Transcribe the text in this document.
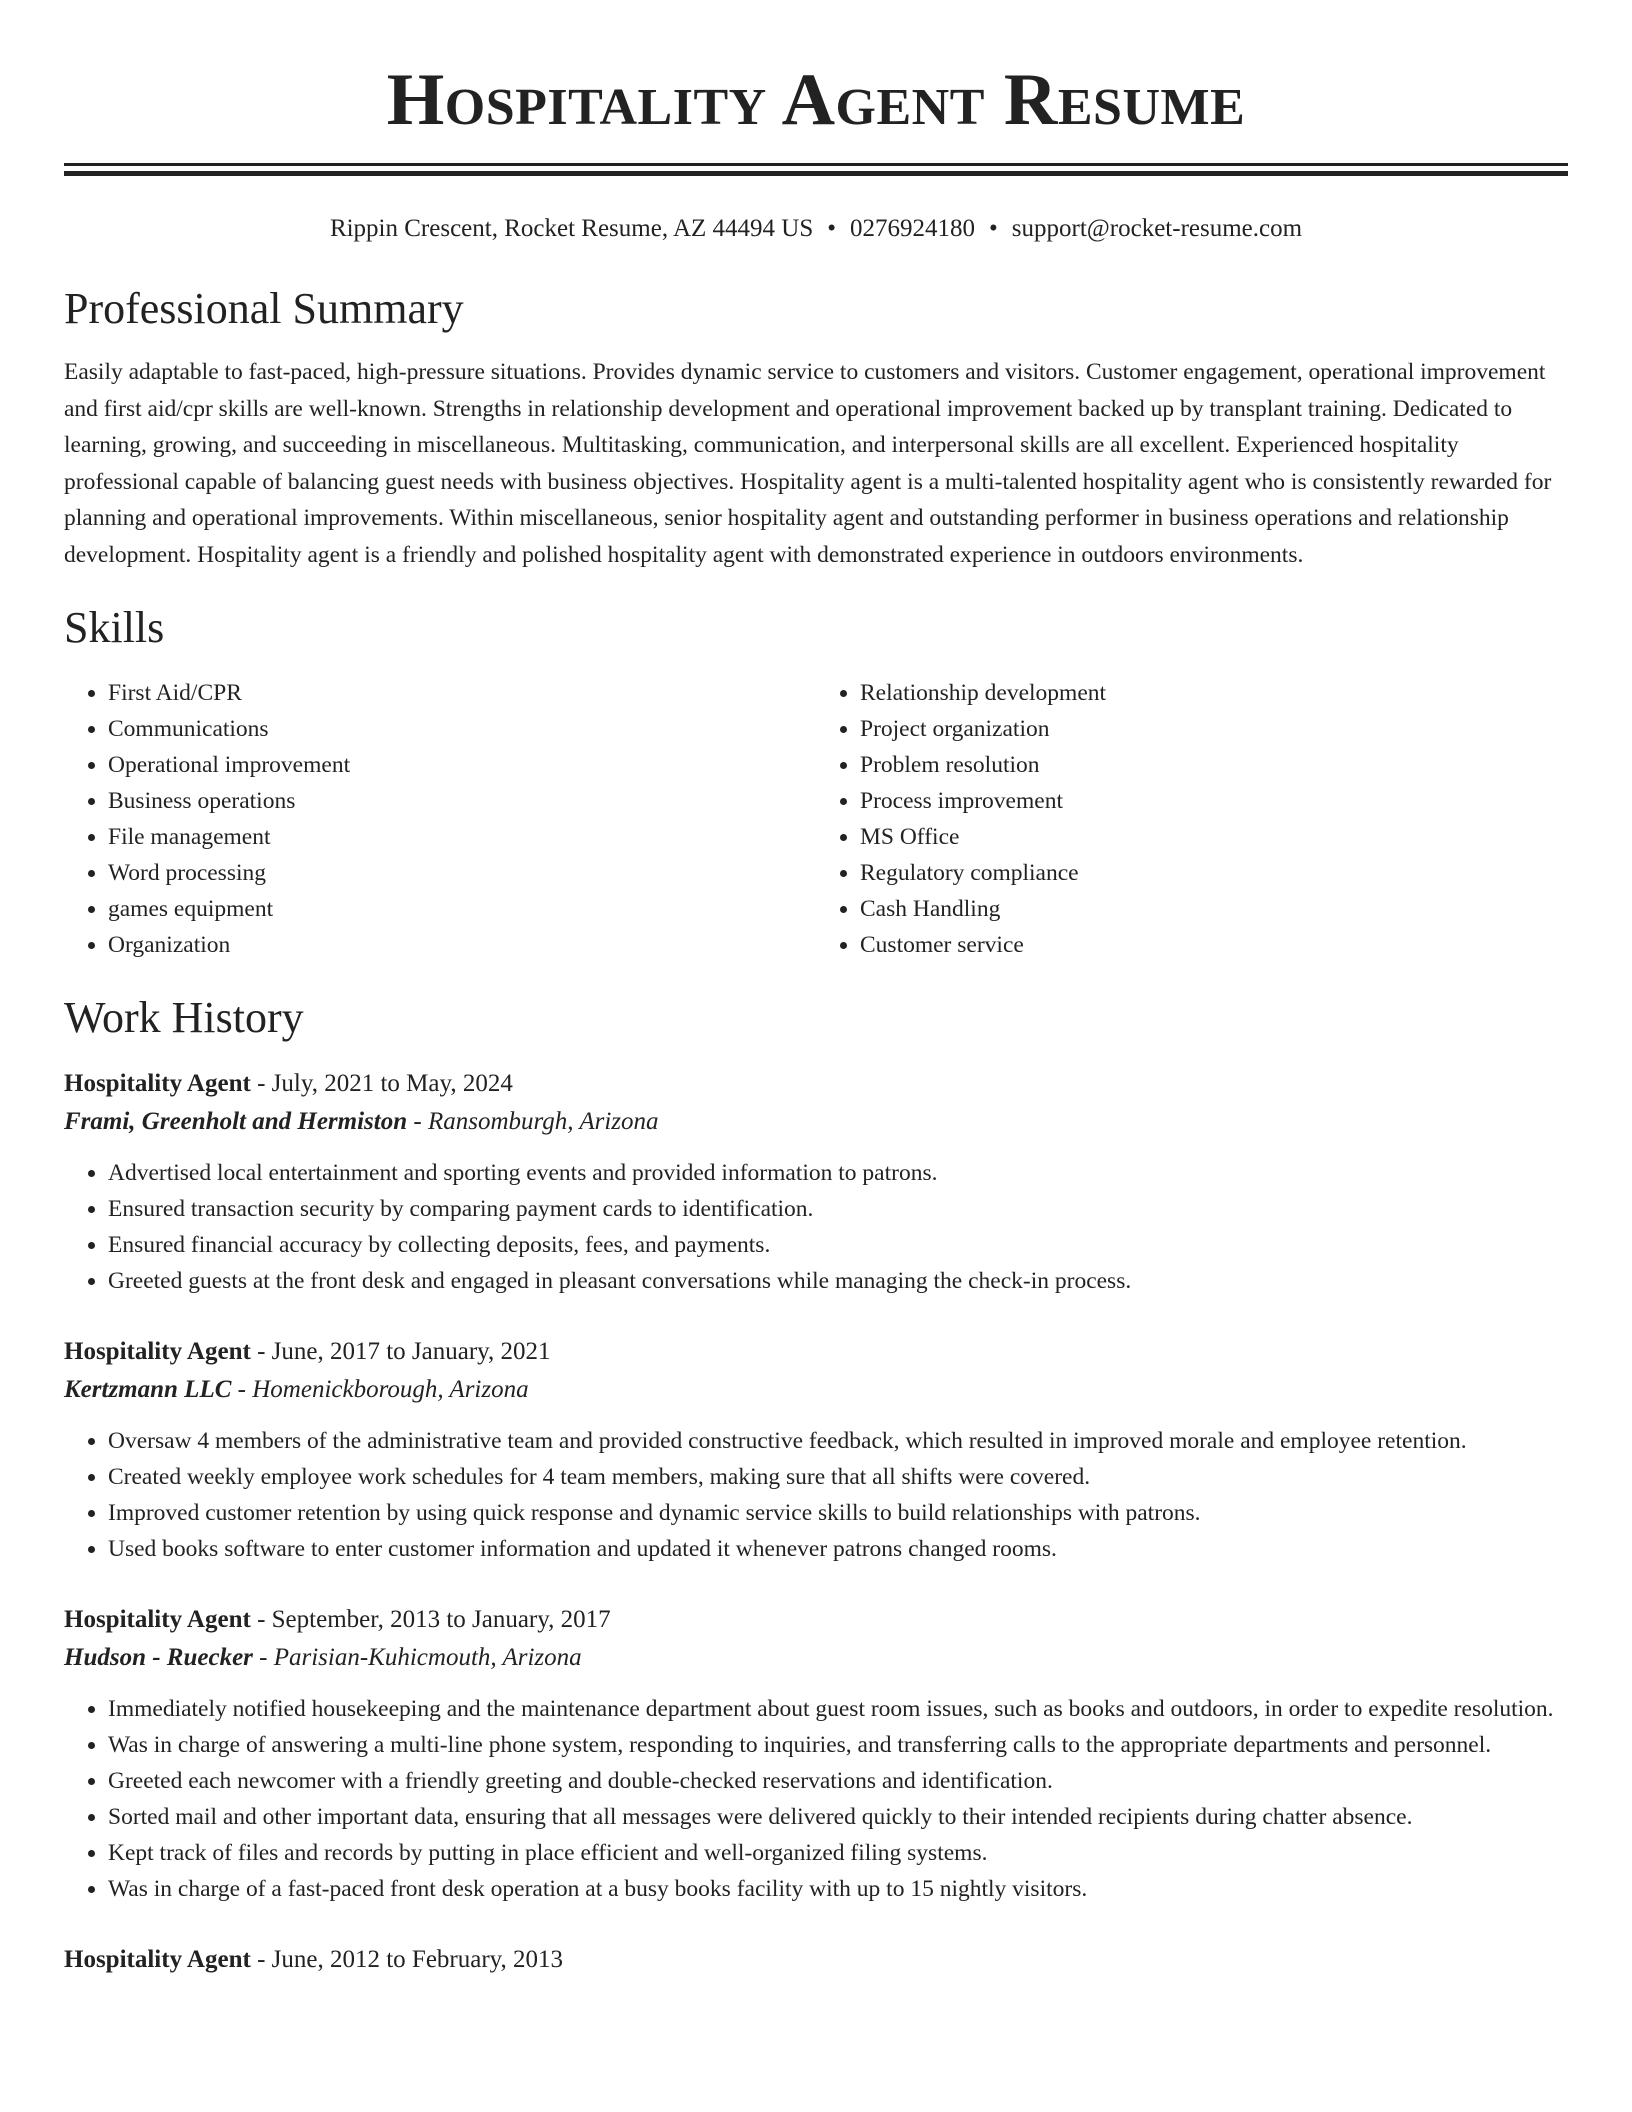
Hospitality Agent Resume
Rippin Crescent, Rocket Resume, AZ 44494 US • 0276924180 • support@rocket-resume.com
Professional Summary

Easily adaptable to fast-paced, high-pressure situations. Provides dynamic service to customers and visitors. Customer engagement, operational improvement and first aid/cpr skills are well-known. Strengths in relationship development and operational improvement backed up by transplant training. Dedicated to learning, growing, and succeeding in miscellaneous. Multitasking, communication, and interpersonal skills are all excellent. Experienced hospitality professional capable of balancing guest needs with business objectives. Hospitality agent is a multi-talented hospitality agent who is consistently rewarded for planning and operational improvements. Within miscellaneous, senior hospitality agent and outstanding performer in business operations and relationship development. Hospitality agent is a friendly and polished hospitality agent with demonstrated experience in outdoors environments.

Skills
• First Aid/CPR
• Communications
• Operational improvement
• Business operations
• File management
• Word processing
• games equipment
• Organization
• Relationship development
• Project organization
• Problem resolution
• Process improvement
• MS Office
• Regulatory compliance
• Cash Handling
• Customer service
Work History
Hospitality Agent - July, 2021 to May, 2024
Frami, Greenholt and Hermiston - Ransomburgh, Arizona
• Advertised local entertainment and sporting events and provided information to patrons.
• Ensured transaction security by comparing payment cards to identification.
• Ensured financial accuracy by collecting deposits, fees, and payments.
• Greeted guests at the front desk and engaged in pleasant conversations while managing the check-in process.
Hospitality Agent - June, 2017 to January, 2021
Kertzmann LLC - Homenickborough, Arizona
• Oversaw 4 members of the administrative team and provided constructive feedback, which resulted in improved morale and employee retention.
• Created weekly employee work schedules for 4 team members, making sure that all shifts were covered.
• Improved customer retention by using quick response and dynamic service skills to build relationships with patrons.
• Used books software to enter customer information and updated it whenever patrons changed rooms.
Hospitality Agent - September, 2013 to January, 2017
Hudson - Ruecker - Parisian-Kuhicmouth, Arizona
• Immediately notified housekeeping and the maintenance department about guest room issues, such as books and outdoors, in order to expedite resolution.
• Was in charge of answering a multi-line phone system, responding to inquiries, and transferring calls to the appropriate departments and personnel.
• Greeted each newcomer with a friendly greeting and double-checked reservations and identification.
• Sorted mail and other important data, ensuring that all messages were delivered quickly to their intended recipients during chatter absence.
• Kept track of files and records by putting in place efficient and well-organized filing systems.
• Was in charge of a fast-paced front desk operation at a busy books facility with up to 15 nightly visitors.
Hospitality Agent - June, 2012 to February, 2013
